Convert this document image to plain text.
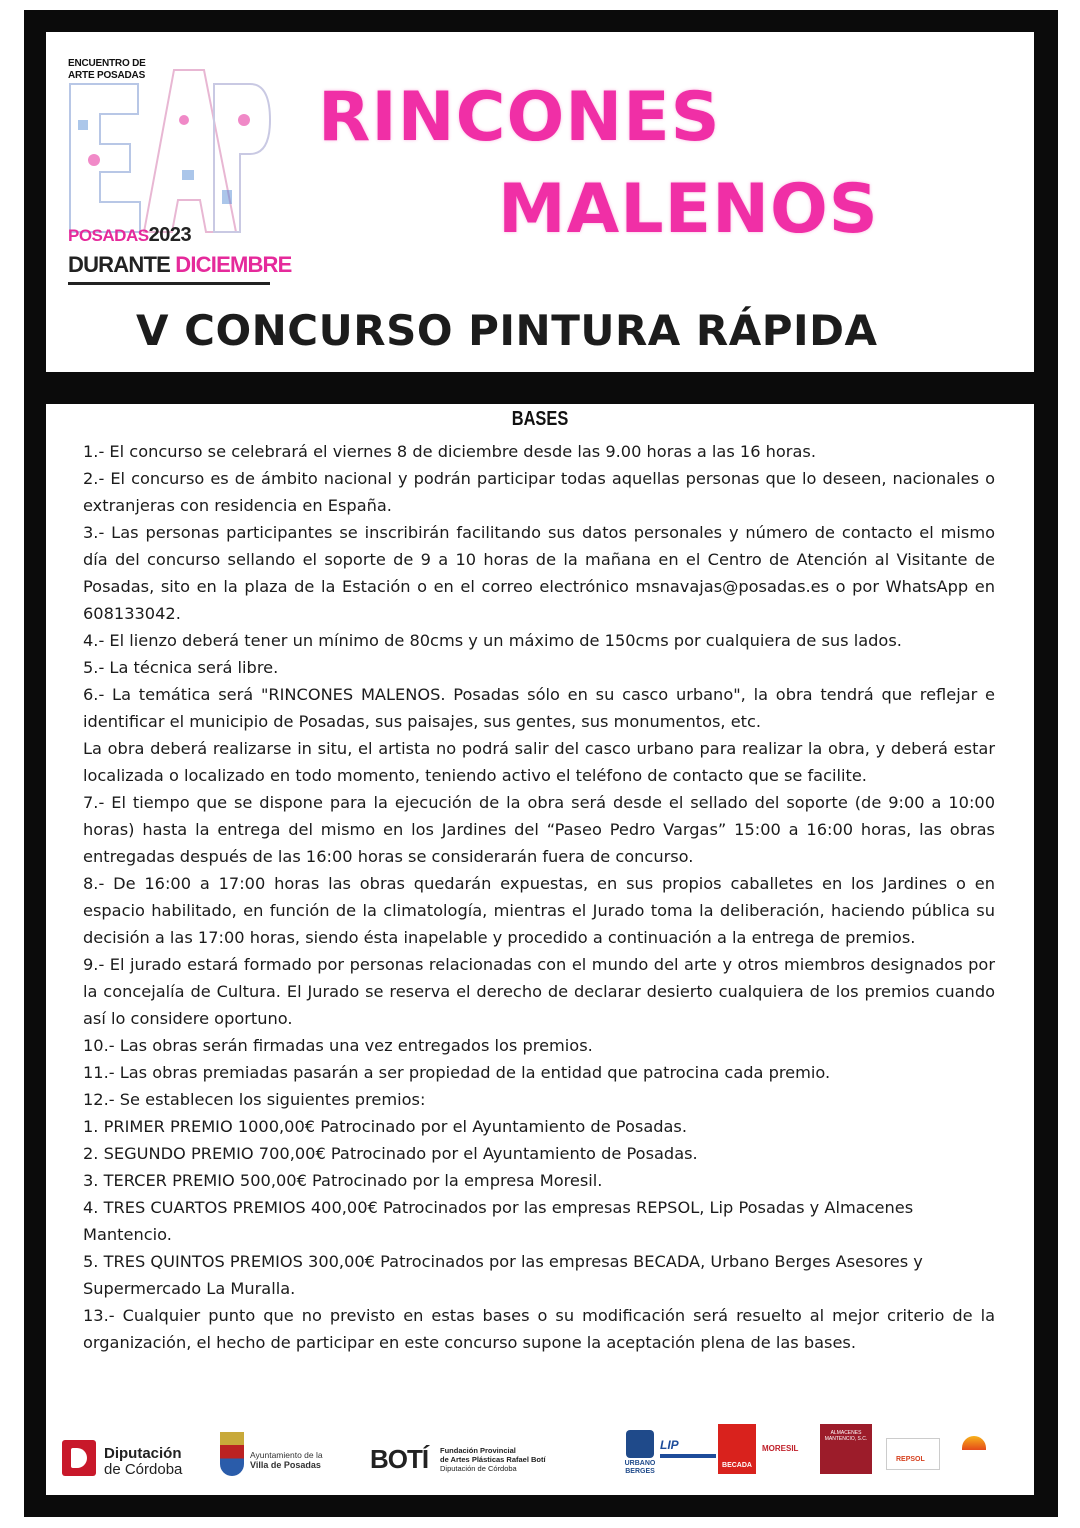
ENCUENTRO DE
ARTE POSADAS
POSADAS2023
DURANTE DICIEMBRE
RINCONES
MALENOS
V CONCURSO PINTURA RÁPIDA
BASES

1.- El concurso se celebrará el viernes 8 de diciembre desde las 9.00 horas a las 16 horas.

2.- El concurso es de ámbito nacional y podrán participar todas aquellas personas que lo deseen, nacionales o extranjeras con residencia en España.

3.- Las personas participantes se inscribirán facilitando sus datos personales y número de contacto el mismo día del concurso sellando el soporte de 9 a 10 horas de la mañana en el Centro de Atención al Visitante de Posadas, sito en la plaza de la Estación o en el correo electrónico msnavajas@posadas.es o por WhatsApp en 608133042.

4.- El lienzo deberá tener un mínimo de 80cms y un máximo de 150cms por cualquiera de sus lados.

5.- La técnica será libre.

6.- La temática será "RINCONES MALENOS. Posadas sólo en su casco urbano", la obra tendrá que reflejar e identificar el municipio de Posadas, sus paisajes, sus gentes, sus monumentos, etc.

La obra deberá realizarse in situ, el artista no podrá salir del casco urbano para realizar la obra, y deberá estar localizada o localizado en todo momento, teniendo activo el teléfono de contacto que se facilite.

7.- El tiempo que se dispone para la ejecución de la obra será desde el sellado del soporte (de 9:00 a 10:00 horas) hasta la entrega del mismo en los Jardines del “Paseo Pedro Vargas” 15:00 a 16:00 horas, las obras entregadas después de las 16:00 horas se considerarán fuera de concurso.

8.- De 16:00 a 17:00 horas las obras quedarán expuestas, en sus propios caballetes en los Jardines o en espacio habilitado, en función de la climatología, mientras el Jurado toma la deliberación, haciendo pública su decisión a las 17:00 horas, siendo ésta inapelable y procedido a continuación a la entrega de premios.

9.- El jurado estará formado por personas relacionadas con el mundo del arte y otros miembros designados por la concejalía de Cultura. El Jurado se reserva el derecho de declarar desierto cualquiera de los premios cuando así lo considere oportuno.

10.- Las obras serán firmadas una vez entregados los premios.

11.- Las obras premiadas pasarán a ser propiedad de la entidad que patrocina cada premio.

12.- Se establecen los siguientes premios:

1. PRIMER PREMIO 1000,00€ Patrocinado por el Ayuntamiento de Posadas.

2. SEGUNDO PREMIO 700,00€ Patrocinado por el Ayuntamiento de Posadas.

3. TERCER PREMIO 500,00€ Patrocinado por la empresa Moresil.

4. TRES CUARTOS PREMIOS 400,00€ Patrocinados por las empresas REPSOL, Lip Posadas y Almacenes Mantencio.

5. TRES QUINTOS PREMIOS 300,00€ Patrocinados por las empresas BECADA, Urbano Berges Asesores y Supermercado La Muralla.

13.- Cualquier punto que no previsto en estas bases o su modificación será resuelto al mejor criterio de la organización, el hecho de participar en este concurso supone la aceptación plena de las bases.

Diputación
de Córdoba
Ayuntamiento de la
Villa de Posadas BOTÍ Fundación Provincial
de Artes Plásticas Rafael Botí
Diputación de Córdoba
URBANO BERGES
LIP
BECADA
MORESIL
ALMACENES MANTENCIO, S.C.
REPSOL
